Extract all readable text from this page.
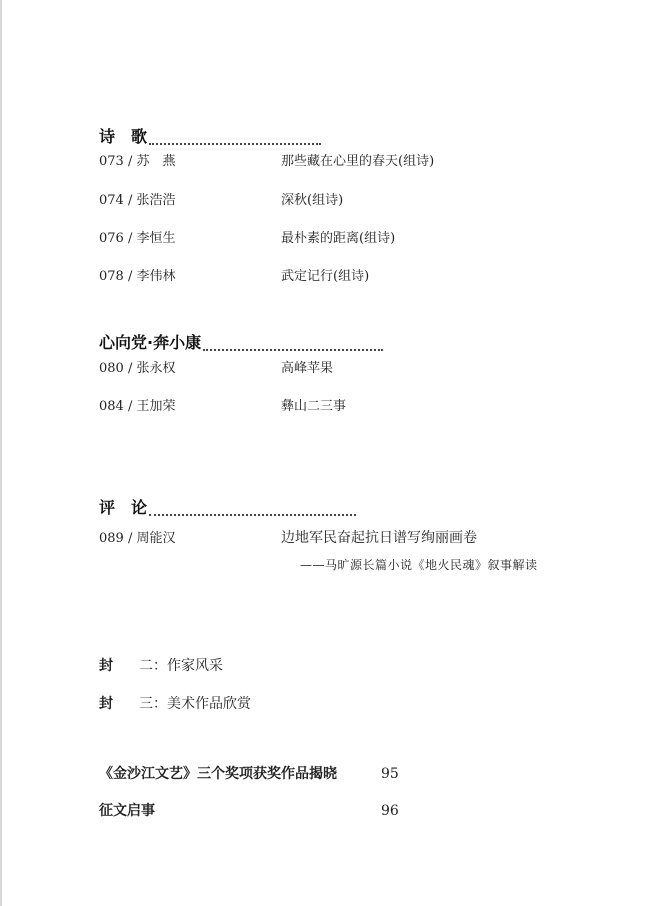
诗　歌
073 / 苏　燕	那些藏在心里的春天(组诗)
074 / 张浩浩	深秋(组诗)
076 / 李恒生	最朴素的距离(组诗)
078 / 李伟林	武定记行(组诗)
心向党·奔小康
080 / 张永权	高峰苹果
084 / 王加荣	彝山二三事
评　论
089 / 周能汉	边地军民奋起抗日谱写绚丽画卷
——马旷源长篇小说《地火民魂》叙事解读
封 二：作家风采
封 三：美术作品欣赏
《金沙江文艺》三个奖项获奖作品揭晓	95
征文启事	96
